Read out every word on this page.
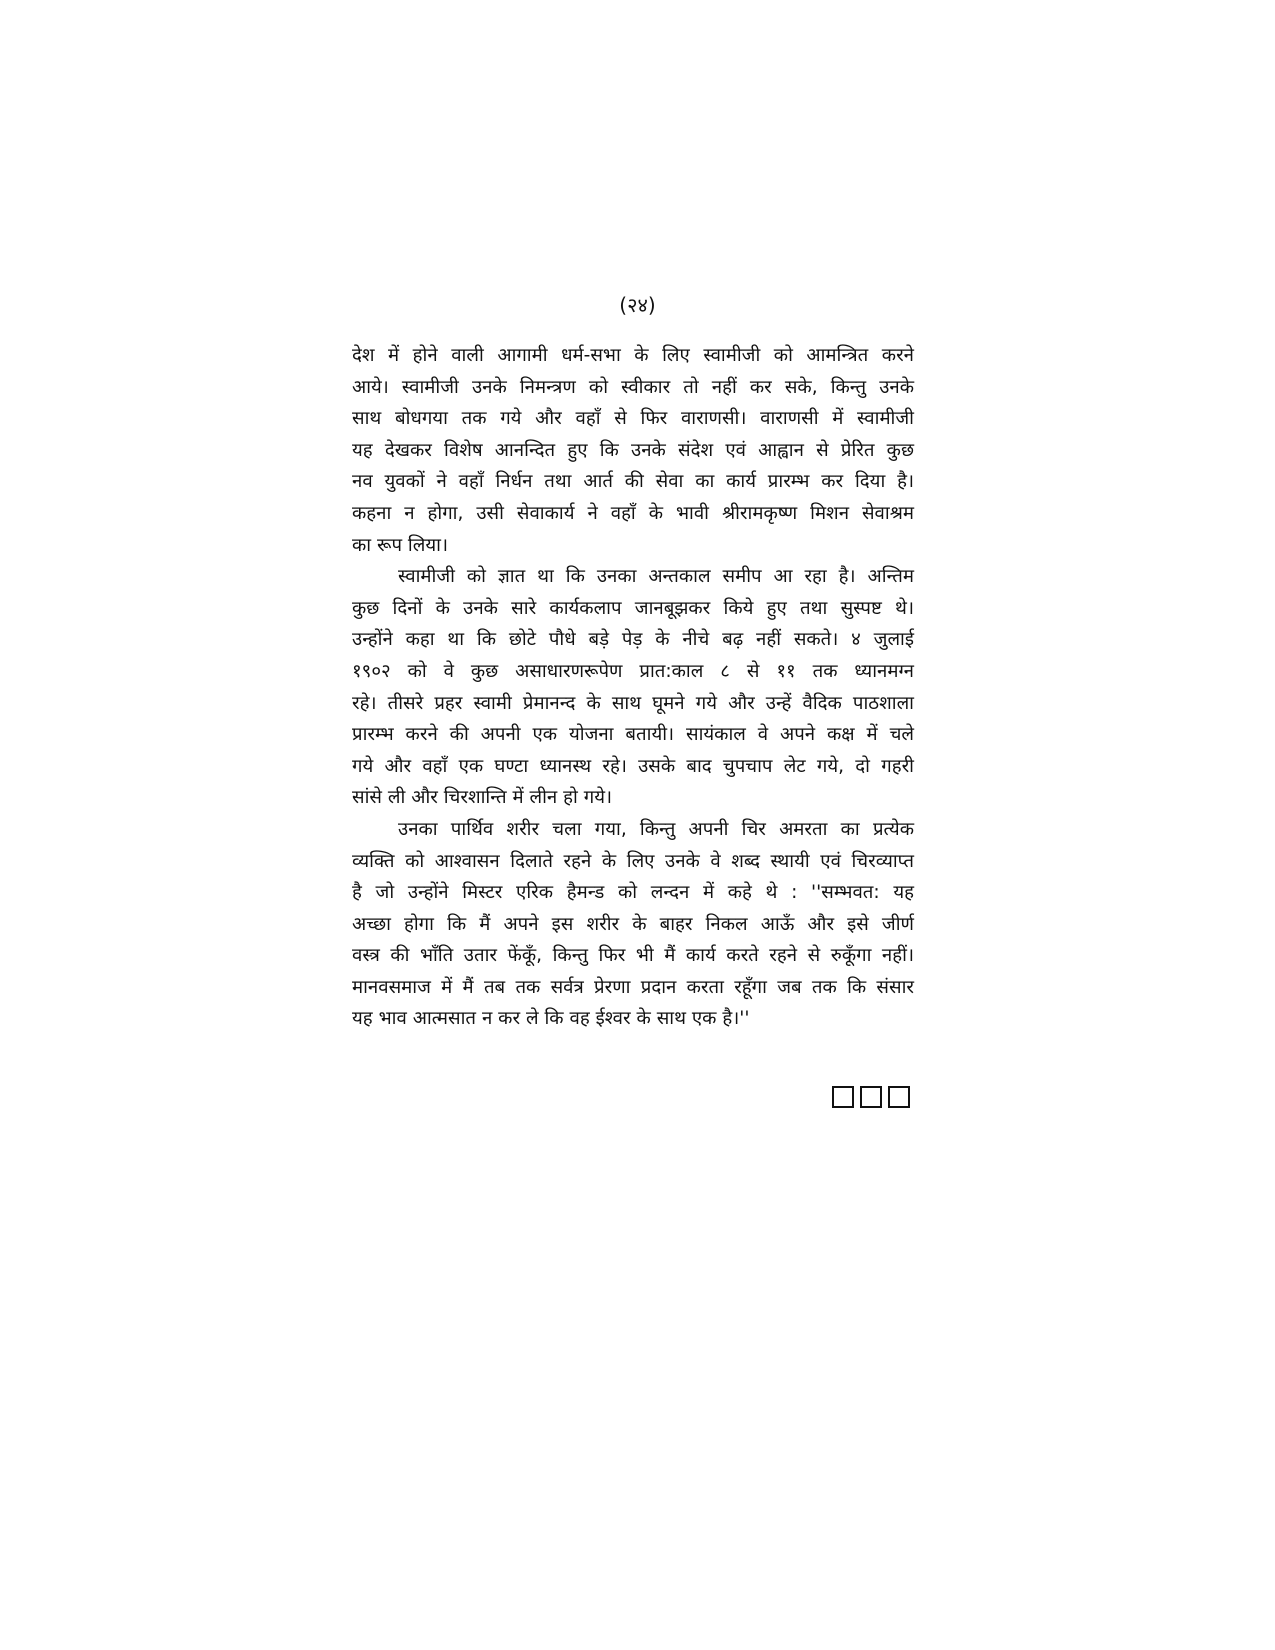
(२४)
देश में होने वाली आगामी धर्म-सभा के लिए स्वामीजी को आमन्त्रित करने
आये। स्वामीजी उनके निमन्त्रण को स्वीकार तो नहीं कर सके, किन्तु उनके
साथ बोधगया तक गये और वहाँ से फिर वाराणसी। वाराणसी में स्वामीजी
यह देखकर विशेष आनन्दित हुए कि उनके संदेश एवं आह्वान से प्रेरित कुछ
नव युवकों ने वहाँ निर्धन तथा आर्त की सेवा का कार्य प्रारम्भ कर दिया है।
कहना न होगा, उसी सेवाकार्य ने वहाँ के भावी श्रीरामकृष्ण मिशन सेवाश्रम
का रूप लिया।
स्वामीजी को ज्ञात था कि उनका अन्तकाल समीप आ रहा है। अन्तिम
कुछ दिनों के उनके सारे कार्यकलाप जानबूझकर किये हुए तथा सुस्पष्ट थे।
उन्होंने कहा था कि छोटे पौधे बड़े पेड़ के नीचे बढ़ नहीं सकते। ४ जुलाई
१९०२ को वे कुछ असाधारणरूपेण प्रात:काल ८ से ११ तक ध्यानमग्न
रहे। तीसरे प्रहर स्वामी प्रेमानन्द के साथ घूमने गये और उन्हें वैदिक पाठशाला
प्रारम्भ करने की अपनी एक योजना बतायी। सायंकाल वे अपने कक्ष में चले
गये और वहाँ एक घण्टा ध्यानस्थ रहे। उसके बाद चुपचाप लेट गये, दो गहरी
सांसे ली और चिरशान्ति में लीन हो गये।
उनका पार्थिव शरीर चला गया, किन्तु अपनी चिर अमरता का प्रत्येक
व्यक्ति को आश्वासन दिलाते रहने के लिए उनके वे शब्द स्थायी एवं चिरव्याप्त
है जो उन्होंने मिस्टर एरिक हैमन्ड को लन्दन में कहे थे : ''सम्भवत: यह
अच्छा होगा कि मैं अपने इस शरीर के बाहर निकल आऊँ और इसे जीर्ण
वस्त्र की भाँति उतार फेंकूँ, किन्तु फिर भी मैं कार्य करते रहने से रुकूँगा नहीं।
मानवसमाज में मैं तब तक सर्वत्र प्रेरणा प्रदान करता रहूँगा जब तक कि संसार
यह भाव आत्मसात न कर ले कि वह ईश्वर के साथ एक है।''
